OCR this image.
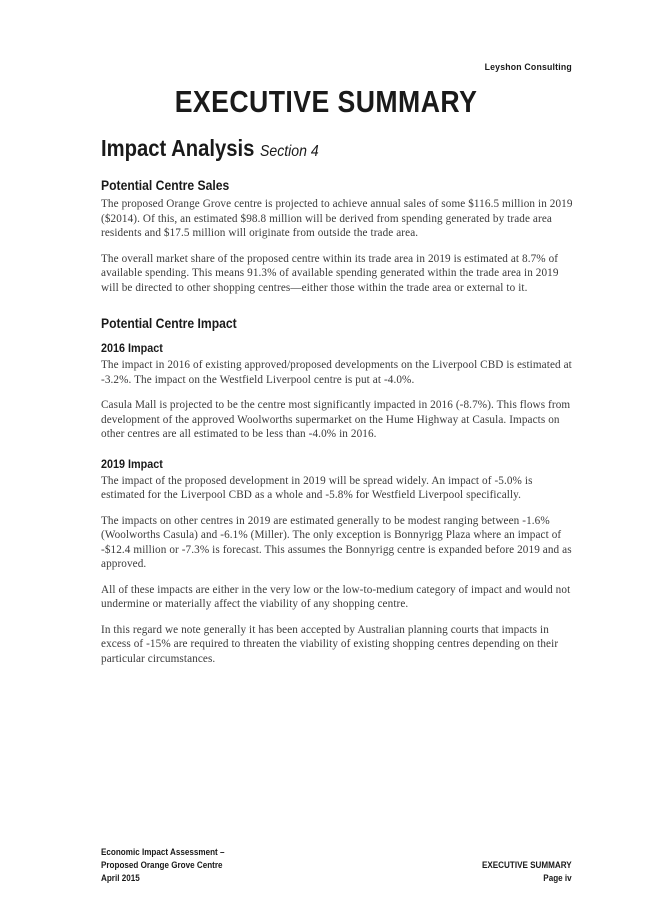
Leyshon Consulting
EXECUTIVE SUMMARY
Impact Analysis Section 4
Potential Centre Sales

The proposed Orange Grove centre is projected to achieve annual sales of some $116.5 million in 2019 ($2014). Of this, an estimated $98.8 million will be derived from spending generated by trade area residents and $17.5 million will originate from outside the trade area.

The overall market share of the proposed centre within its trade area in 2019 is estimated at 8.7% of available spending. This means 91.3% of available spending generated within the trade area in 2019 will be directed to other shopping centres—either those within the trade area or external to it.

Potential Centre Impact
2016 Impact

The impact in 2016 of existing approved/proposed developments on the Liverpool CBD is estimated at -3.2%. The impact on the Westfield Liverpool centre is put at -4.0%.

Casula Mall is projected to be the centre most significantly impacted in 2016 (-8.7%). This flows from development of the approved Woolworths supermarket on the Hume Highway at Casula. Impacts on other centres are all estimated to be less than -4.0% in 2016.

2019 Impact

The impact of the proposed development in 2019 will be spread widely. An impact of -5.0% is estimated for the Liverpool CBD as a whole and -5.8% for Westfield Liverpool specifically.

The impacts on other centres in 2019 are estimated generally to be modest ranging between -1.6% (Woolworths Casula) and -6.1% (Miller). The only exception is Bonnyrigg Plaza where an impact of -$12.4 million or -7.3% is forecast. This assumes the Bonnyrigg centre is expanded before 2019 and as approved.

All of these impacts are either in the very low or the low-to-medium category of impact and would not undermine or materially affect the viability of any shopping centre.

In this regard we note generally it has been accepted by Australian planning courts that impacts in excess of -15% are required to threaten the viability of existing shopping centres depending on their particular circumstances.

Economic Impact Assessment –
Proposed Orange Grove Centre
April 2015
EXECUTIVE SUMMARY
Page iv
